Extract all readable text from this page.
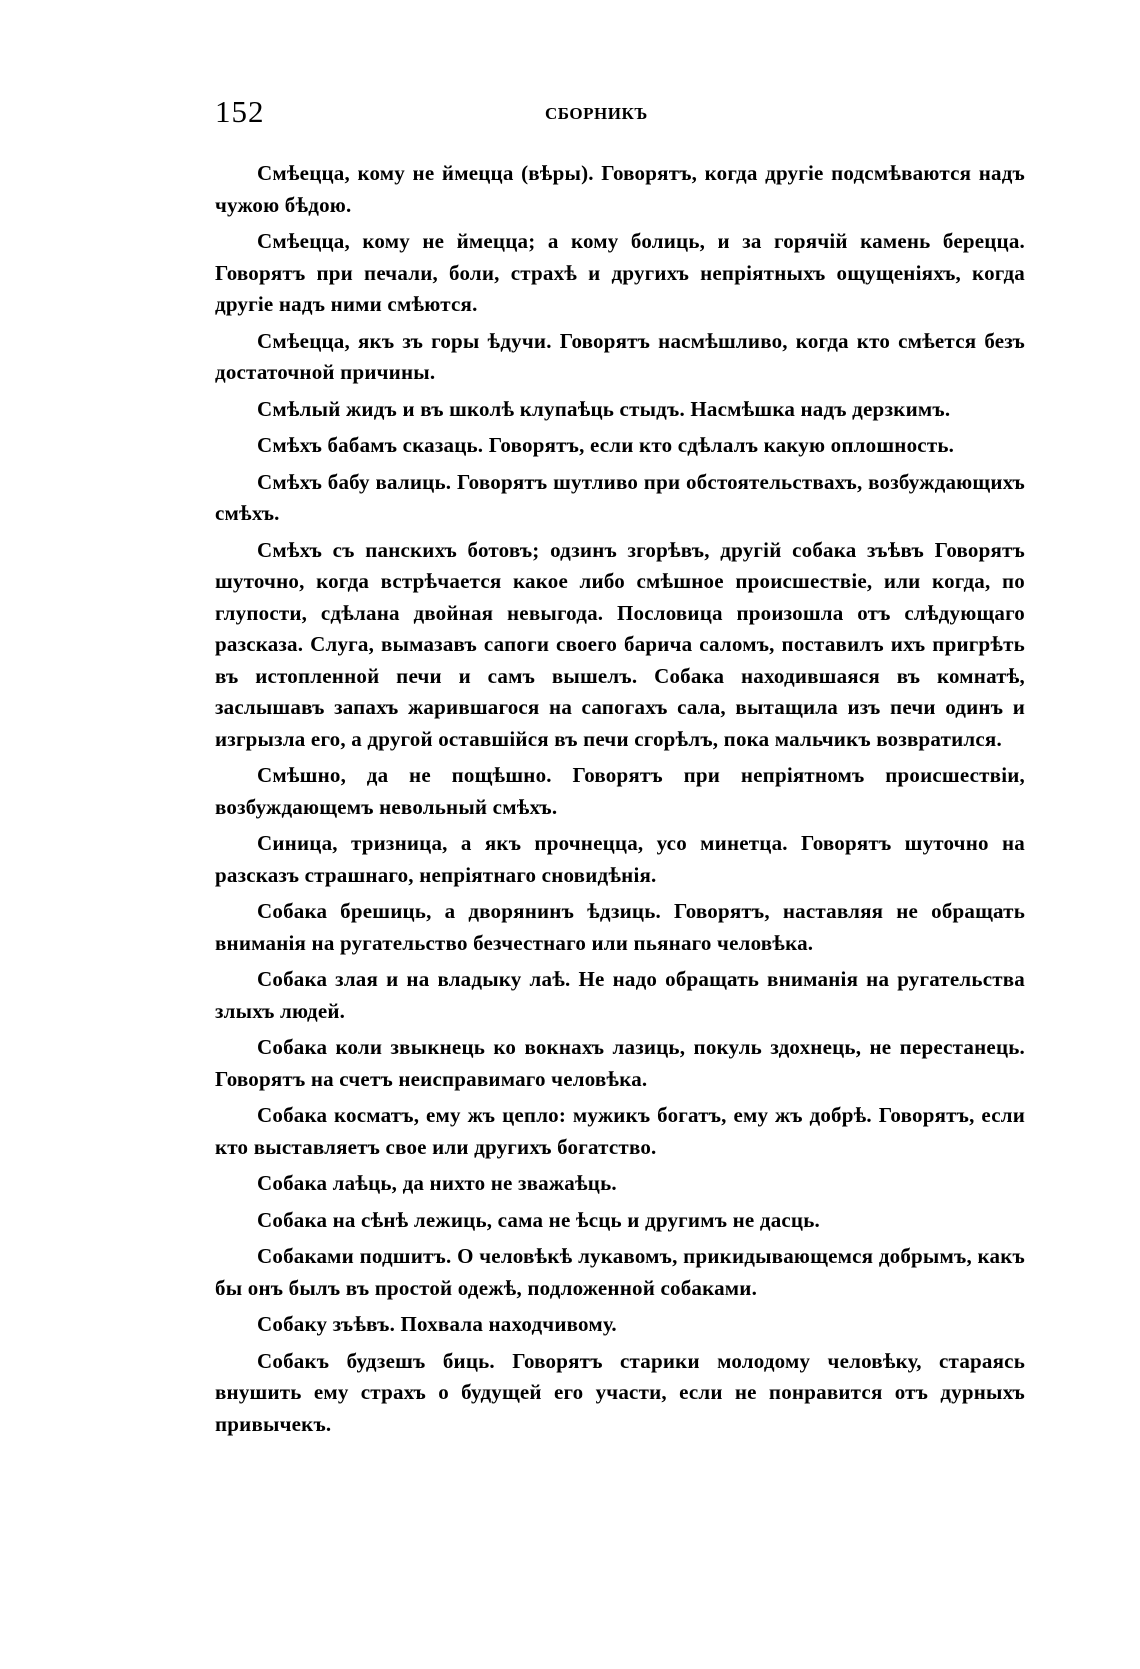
152	СБОРНИКЪ

Смѣецца, кому не ймецца (вѣры). Говорятъ, когда другіе подсмѣваются надъ чужою бѣдою.

Смѣецца, кому не ймецца; а кому болиць, и за горячій камень берецца. Говорятъ при печали, боли, страхѣ и другихъ непріятныхъ ощущеніяхъ, когда другіе надъ ними смѣются.

Смѣецца, якъ зъ горы ѣдучи. Говорятъ насмѣшливо, когда кто смѣется безъ достаточной причины.

Смѣлый жидъ и въ школѣ клупаѣць стыдъ. Насмѣшка надъ дерзкимъ.

Смѣхъ бабамъ сказаць. Говорятъ, если кто сдѣлалъ какую оплошность.

Смѣхъ бабу валиць. Говорятъ шутливо при обстоятельствахъ, возбуждающихъ смѣхъ.

Смѣхъ съ панскихъ ботовъ; одзинъ згорѣвъ, другій собака зъѣвъ Говорятъ шуточно, когда встрѣчается какое либо смѣшное происшествіе, или когда, по глупости, сдѣлана двойная невыгода. Пословица произошла отъ слѣдующаго разсказа. Слуга, вымазавъ сапоги своего барича саломъ, поставилъ ихъ пригрѣть въ истопленной печи и самъ вышелъ. Собака находившаяся въ комнатѣ, заслышавъ запахъ жарившагося на сапогахъ сала, вытащила изъ печи одинъ и изгрызла его, а другой оставшійся въ печи сгорѣлъ, пока мальчикъ возвратился.

Смѣшно, да не пощѣшно. Говорятъ при непріятномъ происшествіи, возбуждающемъ невольный смѣхъ.

Синица, тризница, а якъ прочнецца, усо минетца. Говорятъ шуточно на разсказъ страшнаго, непріятнаго сновидѣнія.

Собака брешиць, а дворянинъ ѣдзиць. Говорятъ, наставляя не обращать вниманія на ругательство безчестнаго или пьянаго человѣка.

Собака злая и на владыку лаѣ. Не надо обращать вниманія на ругательства злыхъ людей.

Собака коли звыкнець ко вокнахъ лазиць, покуль здохнець, не перестанець. Говорятъ на счетъ неисправимаго человѣка.

Собака косматъ, ему жъ цепло: мужикъ богатъ, ему жъ добрѣ. Говорятъ, если кто выставляетъ свое или другихъ богатство.

Собака лаѣць, да нихто не зважаѣць.

Собака на сѣнѣ лежиць, сама не ѣсць и другимъ не дасць.

Собаками подшитъ. О человѣкѣ лукавомъ, прикидывающемся добрымъ, какъ бы онъ былъ въ простой одежѣ, подложенной собаками.

Собаку зъѣвъ. Похвала находчивому.

Собакъ будзешъ биць. Говорятъ старики молодому человѣку, стараясь внушить ему страхъ о будущей его участи, если не понравится отъ дурныхъ привычекъ.
